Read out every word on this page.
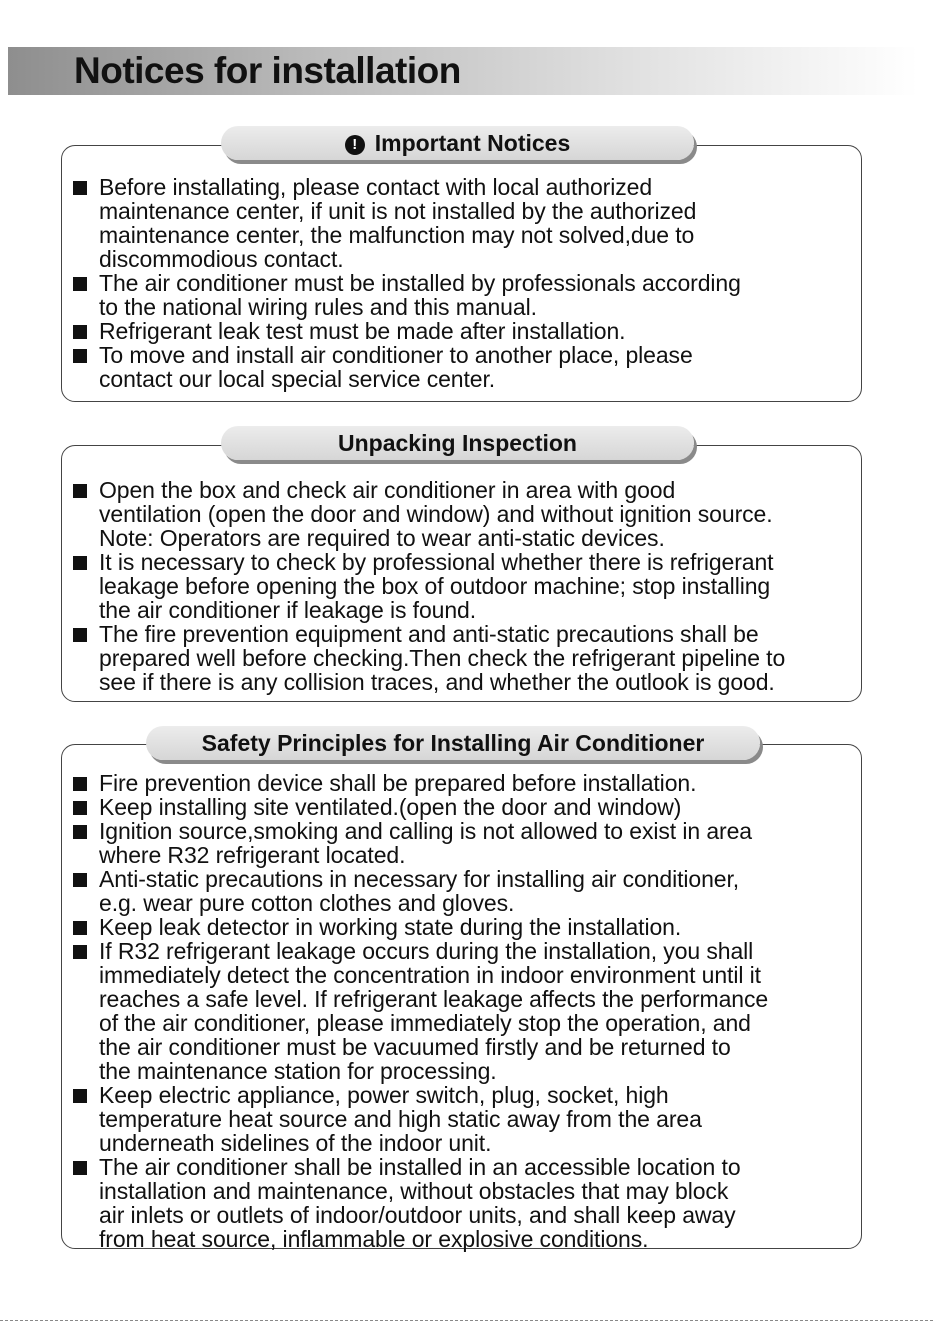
Notices for installation
! Important Notices
Before installating, please contact with local authorized
maintenance center, if unit is not installed by the authorized
maintenance center, the malfunction may not solved,due to
discommodious contact.
The air conditioner must be installed by professionals according
to the national wiring rules and this manual.
Refrigerant leak test must be made after installation.
To move and install air conditioner to another place, please
contact our local special service center.
Unpacking Inspection
Open the box and check air conditioner in area with good
ventilation (open the door and window) and without ignition source.
Note: Operators are required to wear anti-static devices.
It is necessary to check by professional whether there is refrigerant
leakage before opening the box of outdoor machine; stop installing
the air conditioner if leakage is found.
The fire prevention equipment and anti-static precautions shall be
prepared well before checking.Then check the refrigerant pipeline to
see if there is any collision traces, and whether the outlook is good.
Safety Principles for Installing Air Conditioner
Fire prevention device shall be prepared before installation.
Keep installing site ventilated.(open the door and window)
Ignition source,smoking and calling is not allowed to exist in area
where R32 refrigerant located.
Anti-static precautions in necessary for installing air conditioner,
e.g. wear pure cotton clothes and gloves.
Keep leak detector in working state during the installation.
If R32 refrigerant leakage occurs during the installation, you shall
immediately detect the concentration in indoor environment until it
reaches a safe level. If refrigerant leakage affects the performance
of the air conditioner, please immediately stop the operation, and
the air conditioner must be vacuumed firstly and be returned to
the maintenance station for processing.
Keep electric appliance, power switch, plug, socket, high
temperature heat source and high static away from the area
underneath sidelines of the indoor unit.
The air conditioner shall be installed in an accessible location to
installation and maintenance, without obstacles that may block
air inlets or outlets of indoor/outdoor units, and shall keep away
from heat source, inflammable or explosive conditions.
